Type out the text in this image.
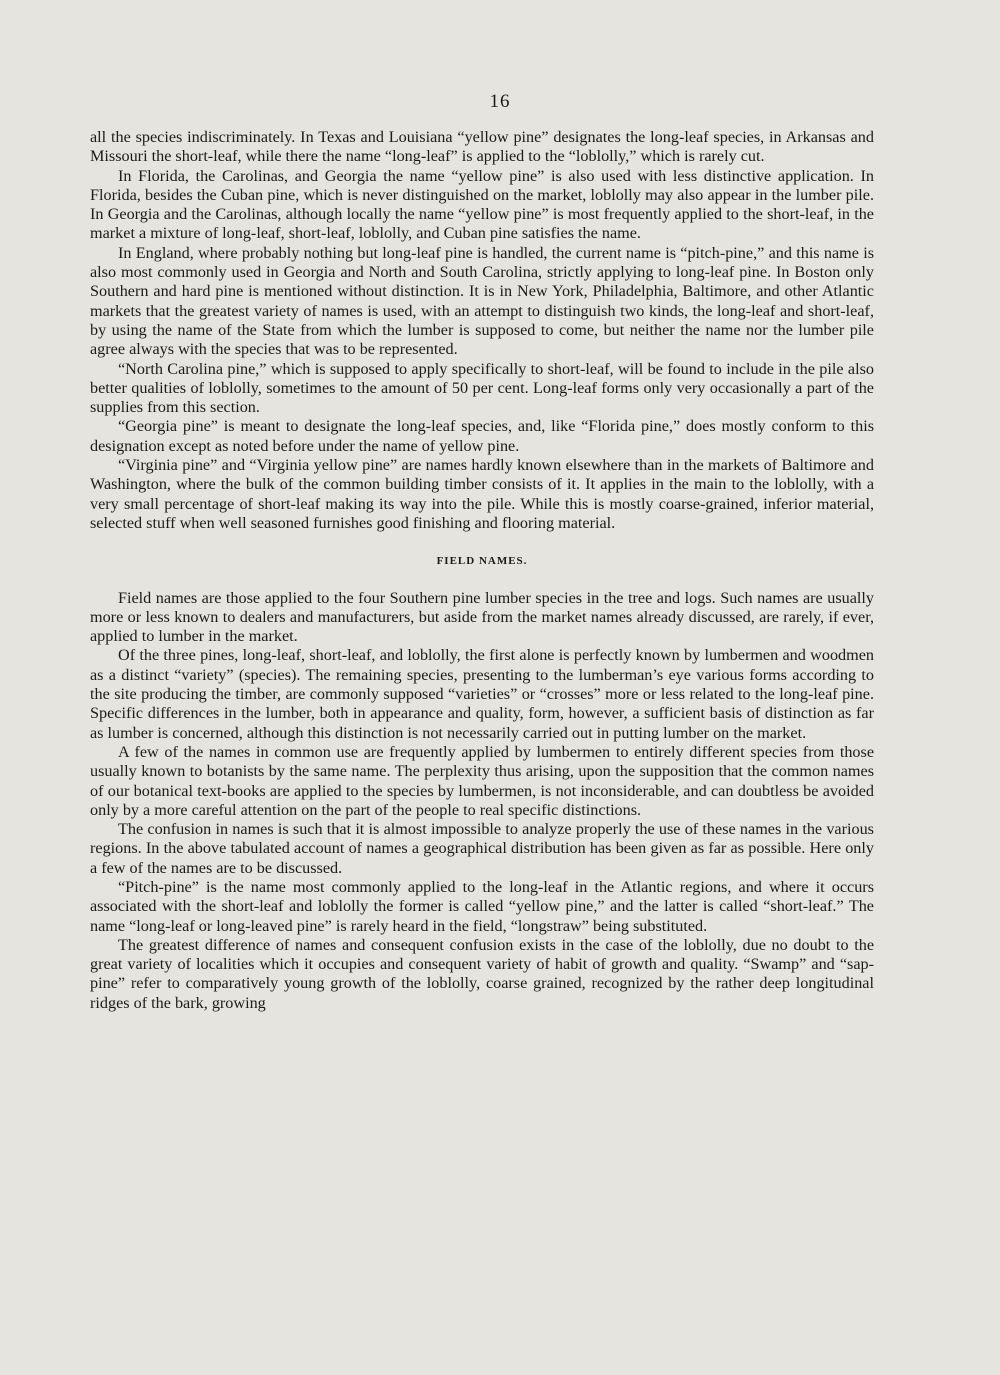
16

all the species indiscriminately. In Texas and Louisiana “yellow pine” designates the long-leaf species, in Arkansas and Missouri the short-leaf, while there the name “long-leaf” is applied to the “loblolly,” which is rarely cut.

In Florida, the Carolinas, and Georgia the name “yellow pine” is also used with less distinctive application. In Florida, besides the Cuban pine, which is never distinguished on the market, loblolly may also appear in the lumber pile. In Georgia and the Carolinas, although locally the name “yellow pine” is most frequently applied to the short-leaf, in the market a mixture of long-leaf, short-leaf, loblolly, and Cuban pine satisfies the name.

In England, where probably nothing but long-leaf pine is handled, the current name is “pitch-pine,” and this name is also most commonly used in Georgia and North and South Carolina, strictly applying to long-leaf pine. In Boston only Southern and hard pine is mentioned without distinction. It is in New York, Philadelphia, Baltimore, and other Atlantic markets that the greatest variety of names is used, with an attempt to distinguish two kinds, the long-leaf and short-leaf, by using the name of the State from which the lumber is supposed to come, but neither the name nor the lumber pile agree always with the species that was to be represented.

“North Carolina pine,” which is supposed to apply specifically to short-leaf, will be found to include in the pile also better qualities of loblolly, sometimes to the amount of 50 per cent. Long-leaf forms only very occasionally a part of the supplies from this section.

“Georgia pine” is meant to designate the long-leaf species, and, like “Florida pine,” does mostly conform to this designation except as noted before under the name of yellow pine.

“Virginia pine” and “Virginia yellow pine” are names hardly known elsewhere than in the markets of Baltimore and Washington, where the bulk of the common building timber consists of it. It applies in the main to the loblolly, with a very small percentage of short-leaf making its way into the pile. While this is mostly coarse-grained, inferior material, selected stuff when well seasoned furnishes good finishing and flooring material.

FIELD NAMES.

Field names are those applied to the four Southern pine lumber species in the tree and logs. Such names are usually more or less known to dealers and manufacturers, but aside from the market names already discussed, are rarely, if ever, applied to lumber in the market.

Of the three pines, long-leaf, short-leaf, and loblolly, the first alone is perfectly known by lumbermen and woodmen as a distinct “variety” (species). The remaining species, presenting to the lumberman’s eye various forms according to the site producing the timber, are commonly supposed “varieties” or “crosses” more or less related to the long-leaf pine. Specific differences in the lumber, both in appearance and quality, form, however, a sufficient basis of distinction as far as lumber is concerned, although this distinction is not necessarily carried out in putting lumber on the market.

A few of the names in common use are frequently applied by lumbermen to entirely different species from those usually known to botanists by the same name. The perplexity thus arising, upon the supposition that the common names of our botanical text-books are applied to the species by lumbermen, is not inconsiderable, and can doubtless be avoided only by a more careful attention on the part of the people to real specific distinctions.

The confusion in names is such that it is almost impossible to analyze properly the use of these names in the various regions. In the above tabulated account of names a geographical distribution has been given as far as possible. Here only a few of the names are to be discussed.

“Pitch-pine” is the name most commonly applied to the long-leaf in the Atlantic regions, and where it occurs associated with the short-leaf and loblolly the former is called “yellow pine,” and the latter is called “short-leaf.” The name “long-leaf or long-leaved pine” is rarely heard in the field, “longstraw” being substituted.

The greatest difference of names and consequent confusion exists in the case of the loblolly, due no doubt to the great variety of localities which it occupies and consequent variety of habit of growth and quality. “Swamp” and “sap-pine” refer to comparatively young growth of the loblolly, coarse grained, recognized by the rather deep longitudinal ridges of the bark, growing
